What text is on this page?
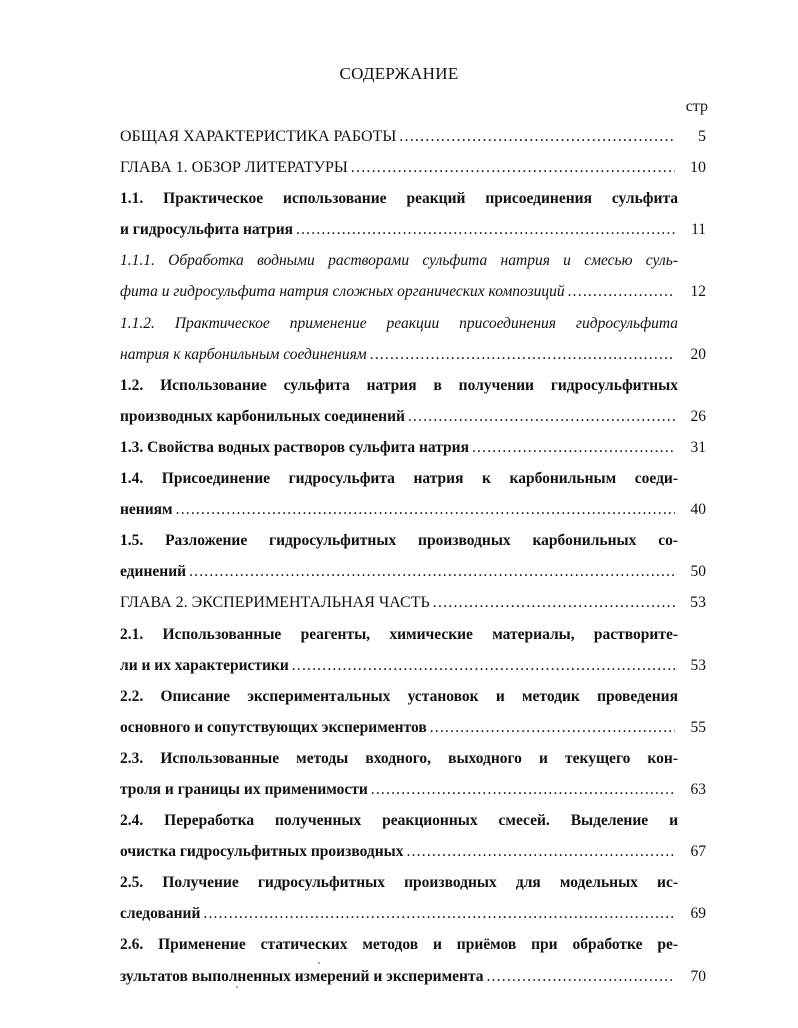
СОДЕРЖАНИЕ
стр
ОБЩАЯ ХАРАКТЕРИСТИКА РАБОТЫ .....	5
ГЛАВА 1. ОБЗОР ЛИТЕРАТУРЫ .....	10
1.1. Практическое использование реакций присоединения сульфита
и гидросульфита натрия .....	11
1.1.1. Обработка водными растворами сульфита натрия и смесью суль-
фита и гидросульфита натрия сложных органических композиций .....	12
1.1.2. Практическое применение реакции присоединения гидросульфита
натрия к карбонильным соединениям .....	20
1.2. Использование сульфита натрия в получении гидросульфитных
производных карбонильных соединений .....	26
1.3. Свойства водных растворов сульфита натрия .....	31
1.4. Присоединение гидросульфита натрия к карбонильным соеди-
нениям .....	40
1.5. Разложение гидросульфитных производных карбонильных со-
единений .....	50
ГЛАВА 2. ЭКСПЕРИМЕНТАЛЬНАЯ ЧАСТЬ .....	53
2.1. Использованные реагенты, химические материалы, растворите-
ли и их характеристики .....	53
2.2. Описание экспериментальных установок и методик проведения
основного и сопутствующих экспериментов .....	55
2.3. Использованные методы входного, выходного и текущего кон-
троля и границы их применимости .....	63
2.4. Переработка полученных реакционных смесей. Выделение и
очистка гидросульфитных производных .....	67
2.5. Получение гидросульфитных производных для модельных ис-
следований .....	69
2.6. Применение статических методов и приёмов при обработке ре-
зультатов выполненных измерений и эксперимента .....	70
